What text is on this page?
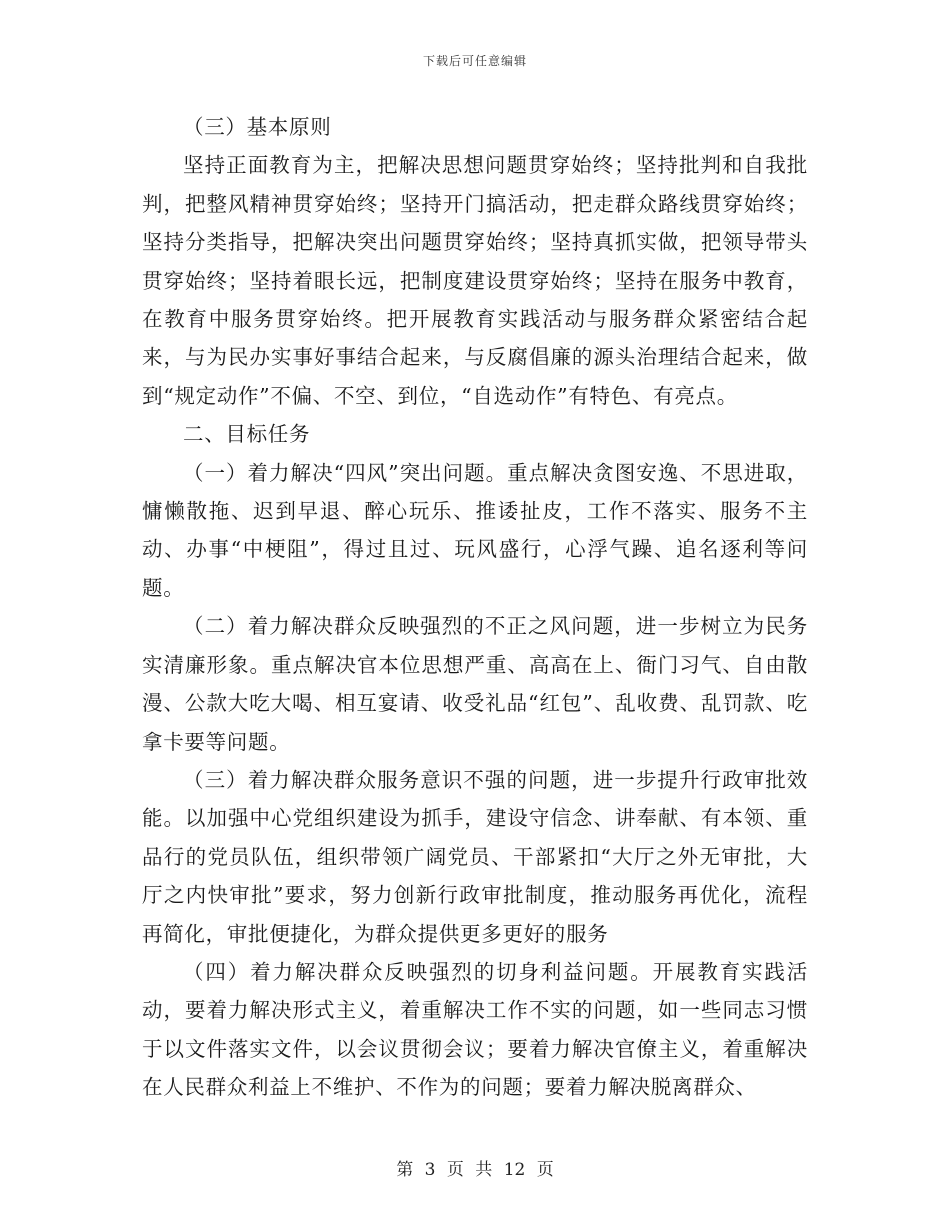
下载后可任意编辑

（三）基本原则

坚持正面教育为主，把解决思想问题贯穿始终；坚持批判和自我批判，把整风精神贯穿始终；坚持开门搞活动，把走群众路线贯穿始终；坚持分类指导，把解决突出问题贯穿始终；坚持真抓实做，把领导带头贯穿始终；坚持着眼长远，把制度建设贯穿始终；坚持在服务中教育，在教育中服务贯穿始终。把开展教育实践活动与服务群众紧密结合起来，与为民办实事好事结合起来，与反腐倡廉的源头治理结合起来，做到“规定动作”不偏、不空、到位，“自选动作”有特色、有亮点。

二、目标任务

（一）着力解决“四风”突出问题。重点解决贪图安逸、不思进取，慵懒散拖、迟到早退、醉心玩乐、推诿扯皮，工作不落实、服务不主动、办事“中梗阻”，得过且过、玩风盛行，心浮气躁、追名逐利等问题。

（二）着力解决群众反映强烈的不正之风问题，进一步树立为民务实清廉形象。重点解决官本位思想严重、高高在上、衙门习气、自由散漫、公款大吃大喝、相互宴请、收受礼品“红包”、乱收费、乱罚款、吃拿卡要等问题。

（三）着力解决群众服务意识不强的问题，进一步提升行政审批效能。以加强中心党组织建设为抓手，建设守信念、讲奉献、有本领、重品行的党员队伍，组织带领广阔党员、干部紧扣“大厅之外无审批，大厅之内快审批”要求，努力创新行政审批制度，推动服务再优化，流程再简化，审批便捷化，为群众提供更多更好的服务

（四）着力解决群众反映强烈的切身利益问题。开展教育实践活动，要着力解决形式主义，着重解决工作不实的问题，如一些同志习惯于以文件落实文件，以会议贯彻会议；要着力解决官僚主义，着重解决在人民群众利益上不维护、不作为的问题；要着力解决脱离群众、

第 3 页 共 12 页
